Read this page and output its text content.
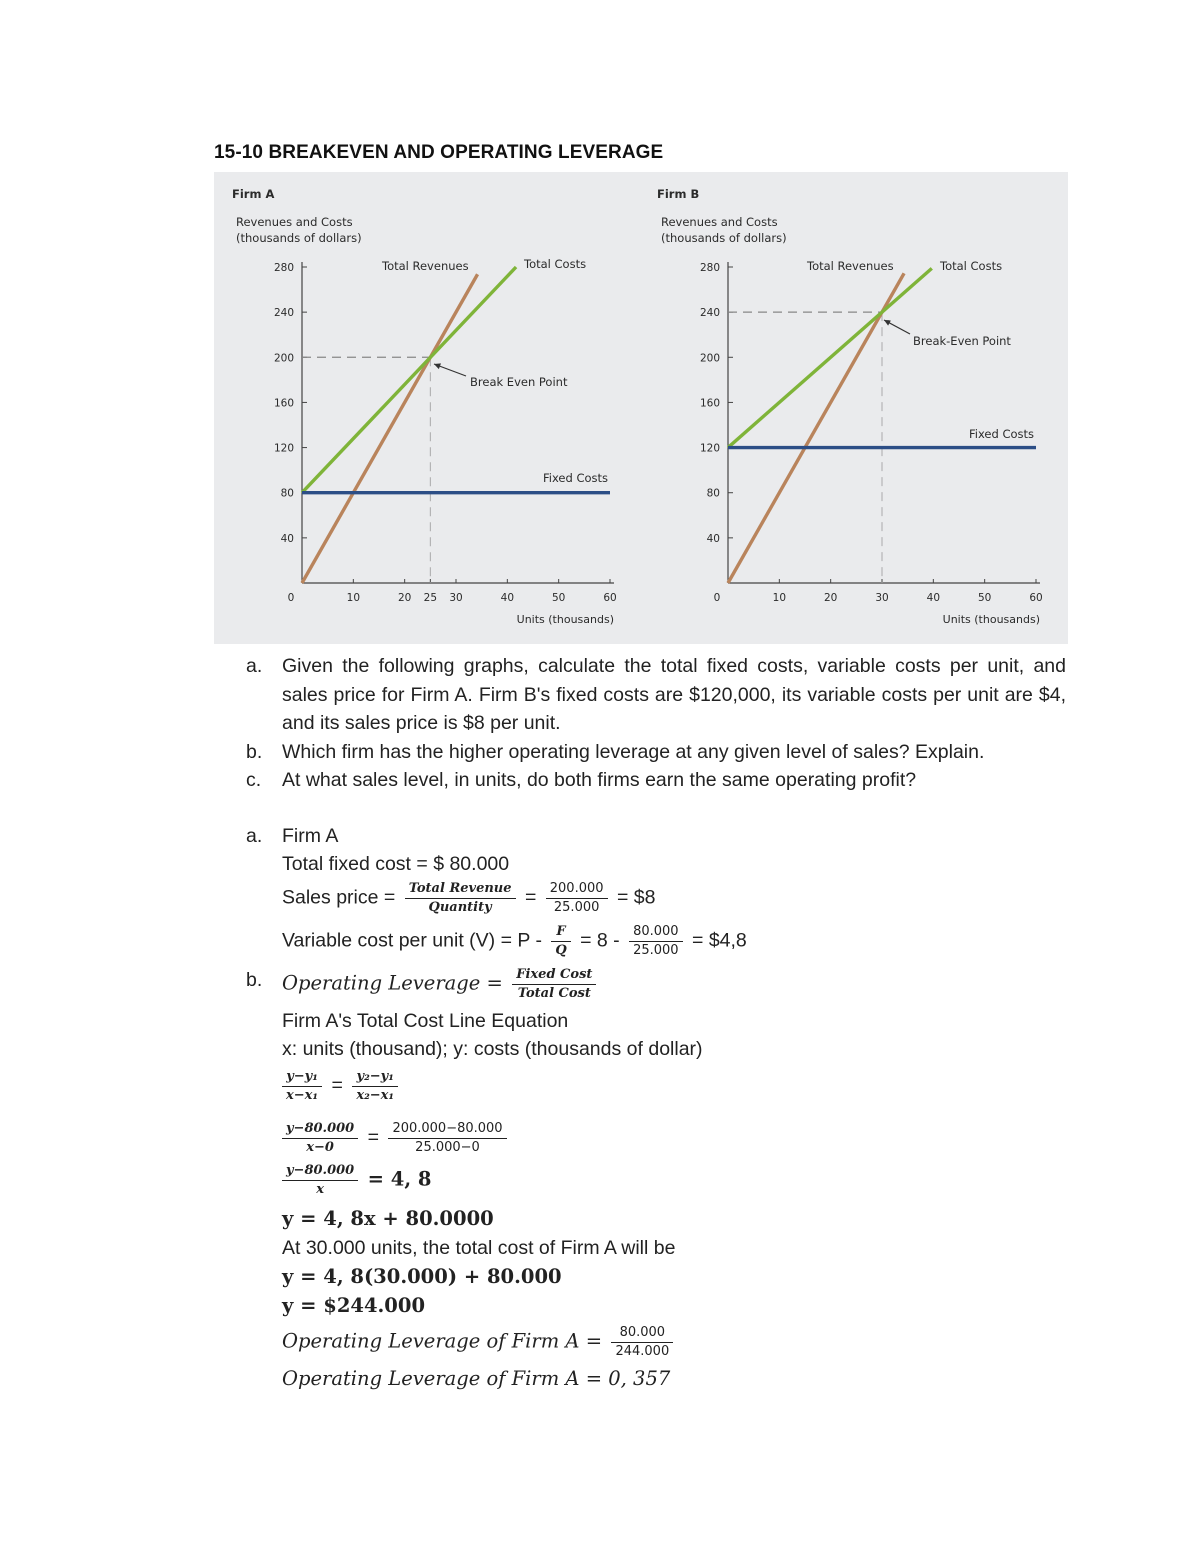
15-10 BREAKEVEN AND OPERATING LEVERAGE
Firm A
Revenues and Costs
(thousands of dollars)
40
80
120
160
200
240
280
0	10	20 25 30	40	50	60
Units (thousands)
Total Revenues	Total Costs
Fixed Costs
Break Even Point
Firm B
Revenues and Costs
(thousands of dollars)
40
80
120
160
200
240
280
0	10	20	30	40	50	60
Units (thousands)
Total Revenues	Total Costs
Fixed Costs
Break-Even Point
a.	Given the following graphs, calculate the total fixed costs, variable costs per unit, and sales price for Firm A. Firm B's fixed costs are $120,000, its variable costs per unit are $4, and its sales price is $8 per unit.
b.	Which firm has the higher operating leverage at any given level of sales? Explain.
c.	At what sales level, in units, do both firms earn the same operating profit?
a. Firm A
Total fixed cost = $ 80.000
Sales price = $\frac{\text{Total Revenue}}{\text{Quantity}} = \frac{200.000}{25.000}$ = $8
Variable cost per unit $(V) = P - \frac{F}{Q} = 8 - \frac{80.000}{25.000}$ = $4,8
b. Operating Leverage = $\frac{\text{Fixed Cost}}{\text{Total Cost}}$
Firm A's Total Cost Line Equation
x: units (thousand); y: costs (thousands of dollar)
$\frac{\text{y−y₁}}{\text{x−x₁}} = \frac{\text{y₂−y₁}}{\text{x₂−x₁}}$
$\frac{y-80.000}{x-0} = \frac{200.000-80.000}{25.000-0}$
$\frac{y-80.000}{x} = 4$, 8
y = 4, 8x + 80.0000
At 30.000 units, the total cost of Firm A will be
y = 4, 8(30.000) + 80.000
y = $244.000
Operating Leverage of Firm $A = \frac{80.000}{244.000}$
Operating Leverage of Firm A = 0, 357
